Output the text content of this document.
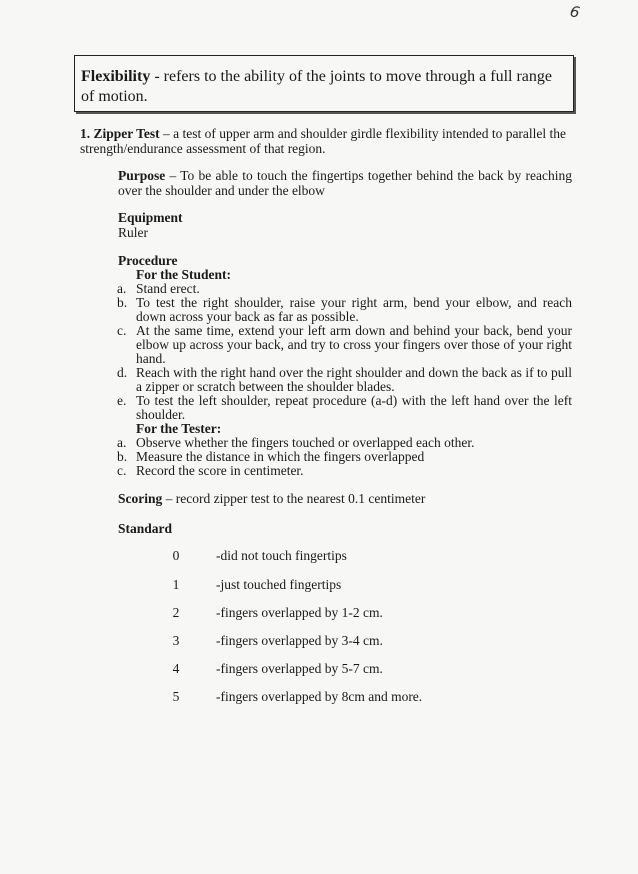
6
Flexibility - refers to the ability of the joints to move through a full range of motion.
1. Zipper Test – a test of upper arm and shoulder girdle flexibility intended to parallel the strength/endurance assessment of that region.
Purpose – To be able to touch the fingertips together behind the back by reaching over the shoulder and under the elbow
Equipment
Ruler
Procedure
For the Student:
a. Stand erect.
b. To test the right shoulder, raise your right arm, bend your elbow, and reach down across your back as far as possible.
c. At the same time, extend your left arm down and behind your back, bend your elbow up across your back, and try to cross your fingers over those of your right hand.
d. Reach with the right hand over the right shoulder and down the back as if to pull a zipper or scratch between the shoulder blades.
e. To test the left shoulder, repeat procedure (a-d) with the left hand over the left shoulder.
For the Tester:
a. Observe whether the fingers touched or overlapped each other.
b. Measure the distance in which the fingers overlapped
c. Record the score in centimeter.
Scoring – record zipper test to the nearest 0.1 centimeter
Standard
0	-did not touch fingertips
1	-just touched fingertips
2	-fingers overlapped by 1-2 cm.
3	-fingers overlapped by 3-4 cm.
4	-fingers overlapped by 5-7 cm.
5	-fingers overlapped by 8cm and more.
